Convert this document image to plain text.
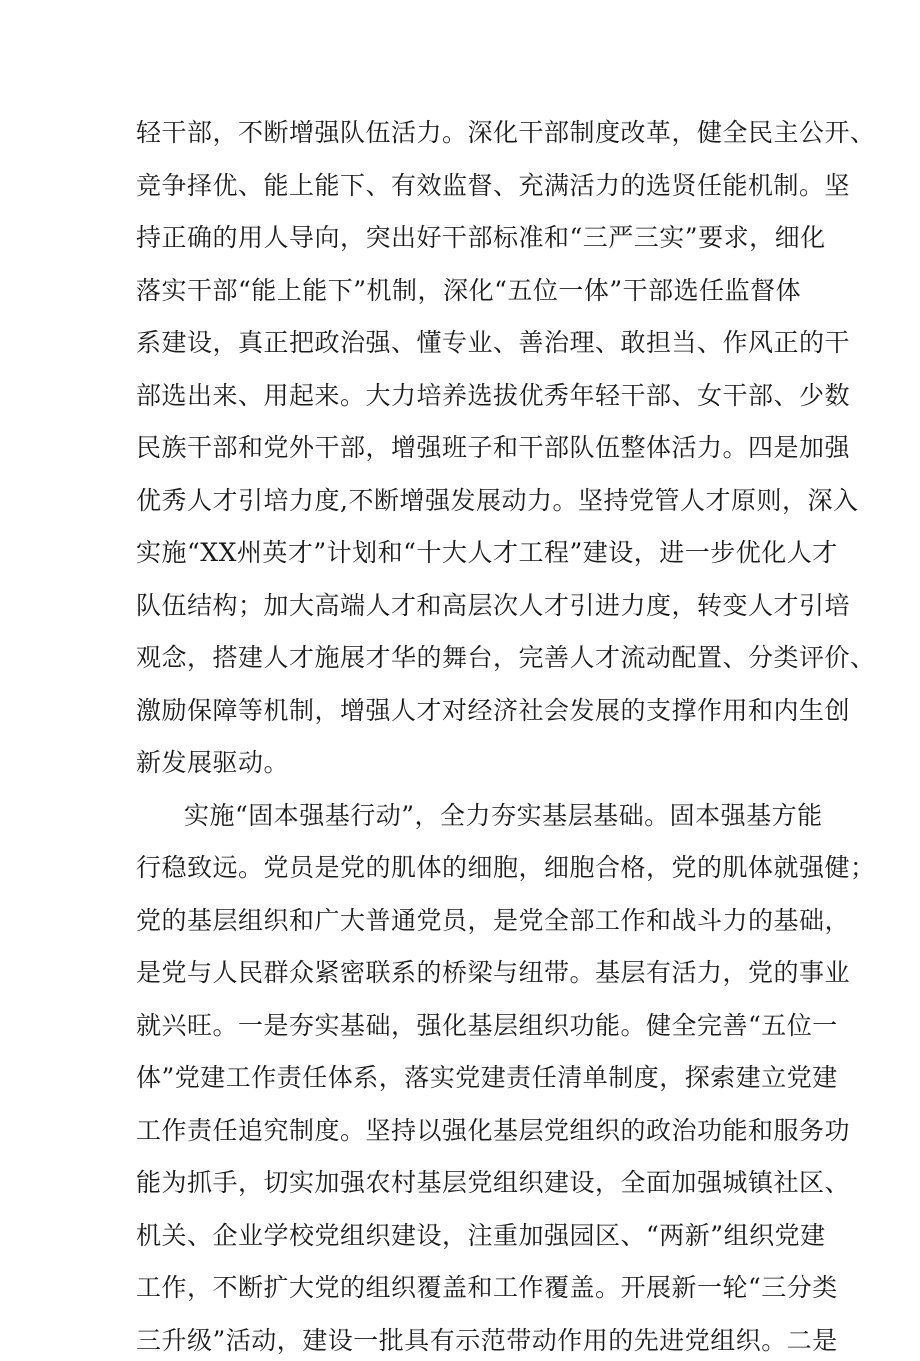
轻干部，不断增强队伍活力。深化干部制度改革，健全民主公开、
竞争择优、能上能下、有效监督、充满活力的选贤任能机制。坚
持正确的用人导向，突出好干部标准和“三严三实”要求，细化
落实干部“能上能下”机制，深化“五位一体”干部选任监督体
系建设，真正把政治强、懂专业、善治理、敢担当、作风正的干
部选出来、用起来。大力培养选拔优秀年轻干部、女干部、少数
民族干部和党外干部，增强班子和干部队伍整体活力。四是加强
优秀人才引培力度,不断增强发展动力。坚持党管人才原则，深入
实施“XX州英才”计划和“十大人才工程”建设，进一步优化人才
队伍结构；加大高端人才和高层次人才引进力度，转变人才引培
观念，搭建人才施展才华的舞台，完善人才流动配置、分类评价、
激励保障等机制，增强人才对经济社会发展的支撑作用和内生创
新发展驱动。
实施“固本强基行动”，全力夯实基层基础。固本强基方能
行稳致远。党员是党的肌体的细胞，细胞合格，党的肌体就强健；
党的基层组织和广大普通党员，是党全部工作和战斗力的基础，
是党与人民群众紧密联系的桥梁与纽带。基层有活力，党的事业
就兴旺。一是夯实基础，强化基层组织功能。健全完善“五位一
体”党建工作责任体系，落实党建责任清单制度，探索建立党建
工作责任追究制度。坚持以强化基层党组织的政治功能和服务功
能为抓手，切实加强农村基层党组织建设，全面加强城镇社区、
机关、企业学校党组织建设，注重加强园区、“两新”组织党建
工作，不断扩大党的组织覆盖和工作覆盖。开展新一轮“三分类
三升级”活动，建设一批具有示范带动作用的先进党组织。二是
